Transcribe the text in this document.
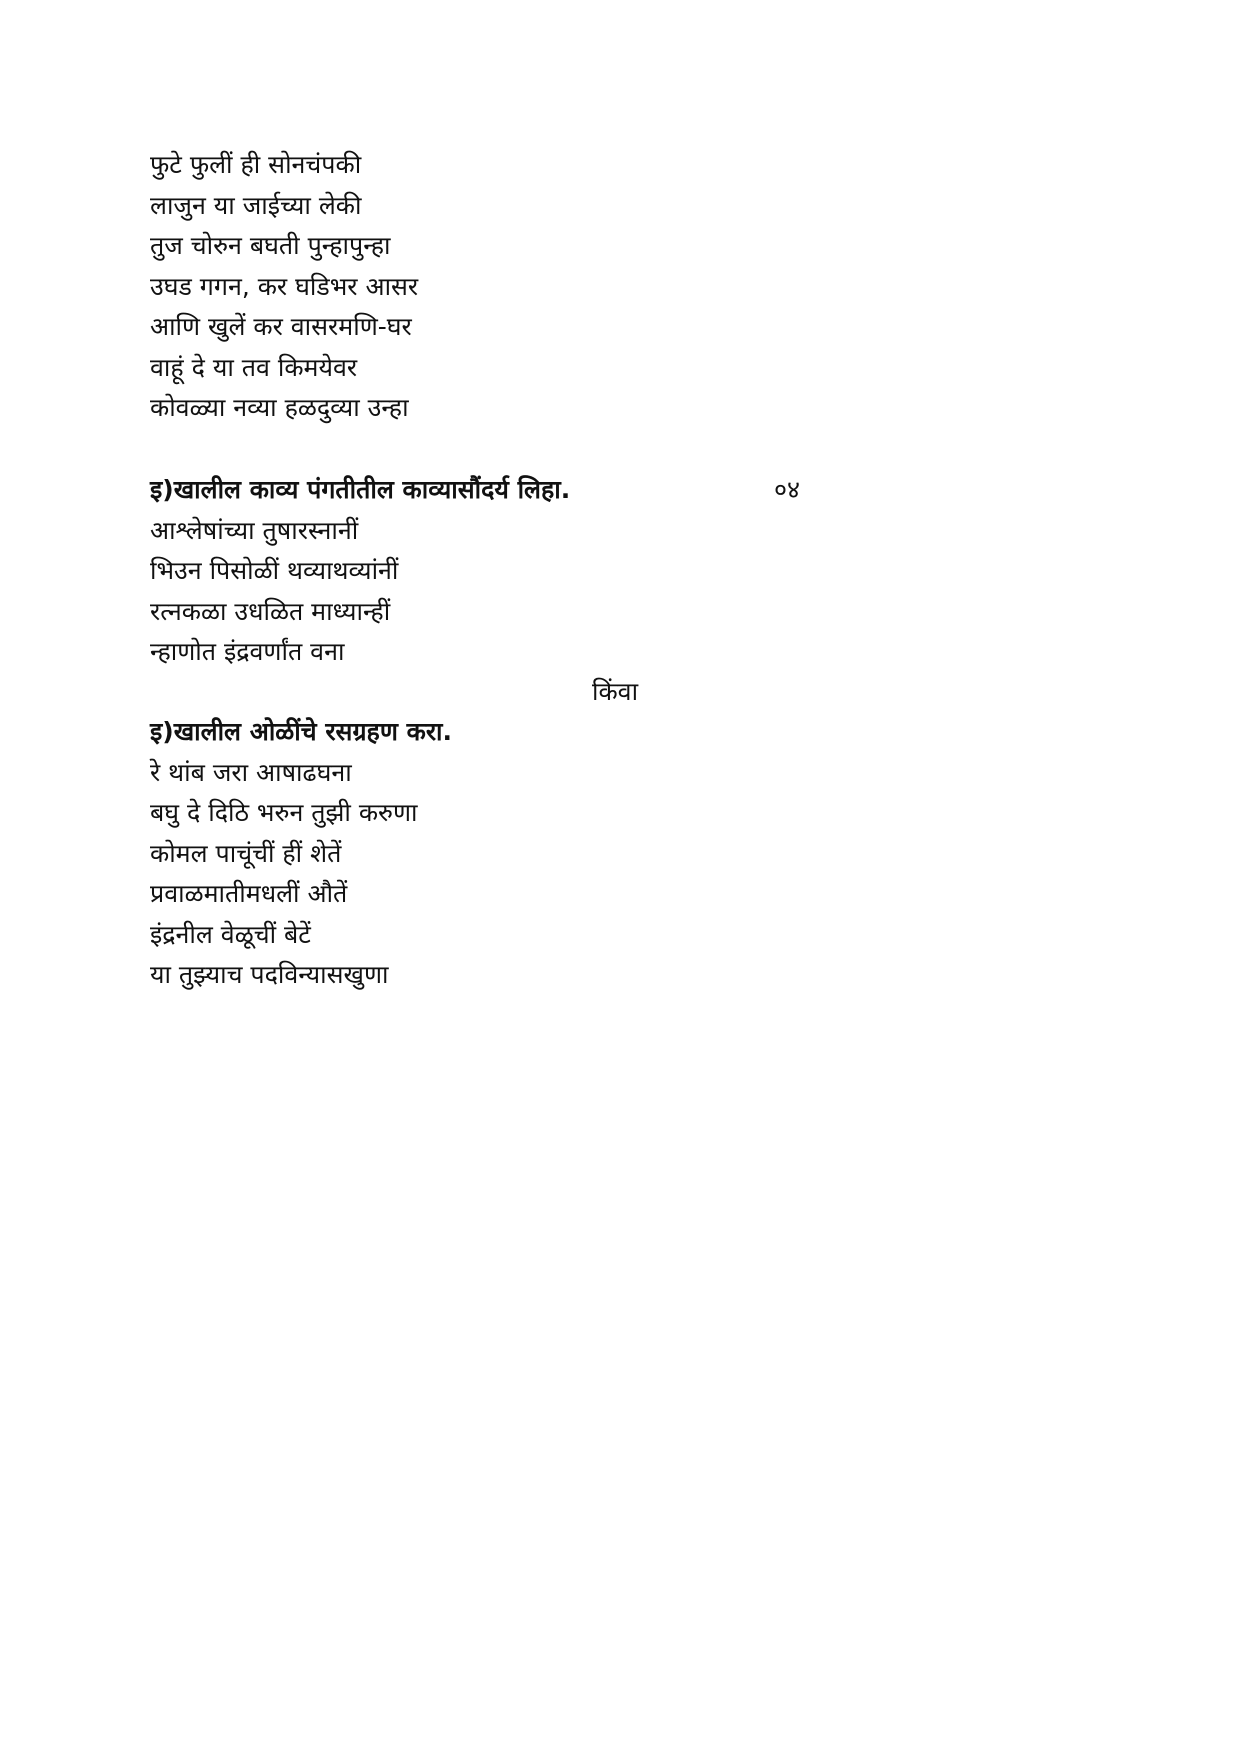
फुटे फुलीं ही सोनचंपकी
लाजुन या जाईच्या लेकी
तुज चोरुन बघती पुन्हापुन्हा
उघड गगन, कर घडिभर आसर
आणि खुलें कर वासरमणि-घर
वाहूं दे या तव किमयेवर
कोवळ्या नव्या हळदुव्या उन्हा
इ)खालील काव्य पंगतीतील काव्यासौंदर्य लिहा.	०४
आश्लेषांच्या तुषारस्नानीं
भिउन पिसोळीं थव्याथव्यांनीं
रत्नकळा उधळित माध्यान्हीं
न्हाणोत इंद्रवर्णांत वना
किंवा
इ)खालील ओळींचे रसग्रहण करा.
रे थांब जरा आषाढघना
बघु दे दिठि भरुन तुझी करुणा
कोमल पाचूंचीं हीं शेतें
प्रवाळमातीमधलीं औतें
इंद्रनील वेळूचीं बेटें
या तुझ्याच पदविन्यासखुणा
